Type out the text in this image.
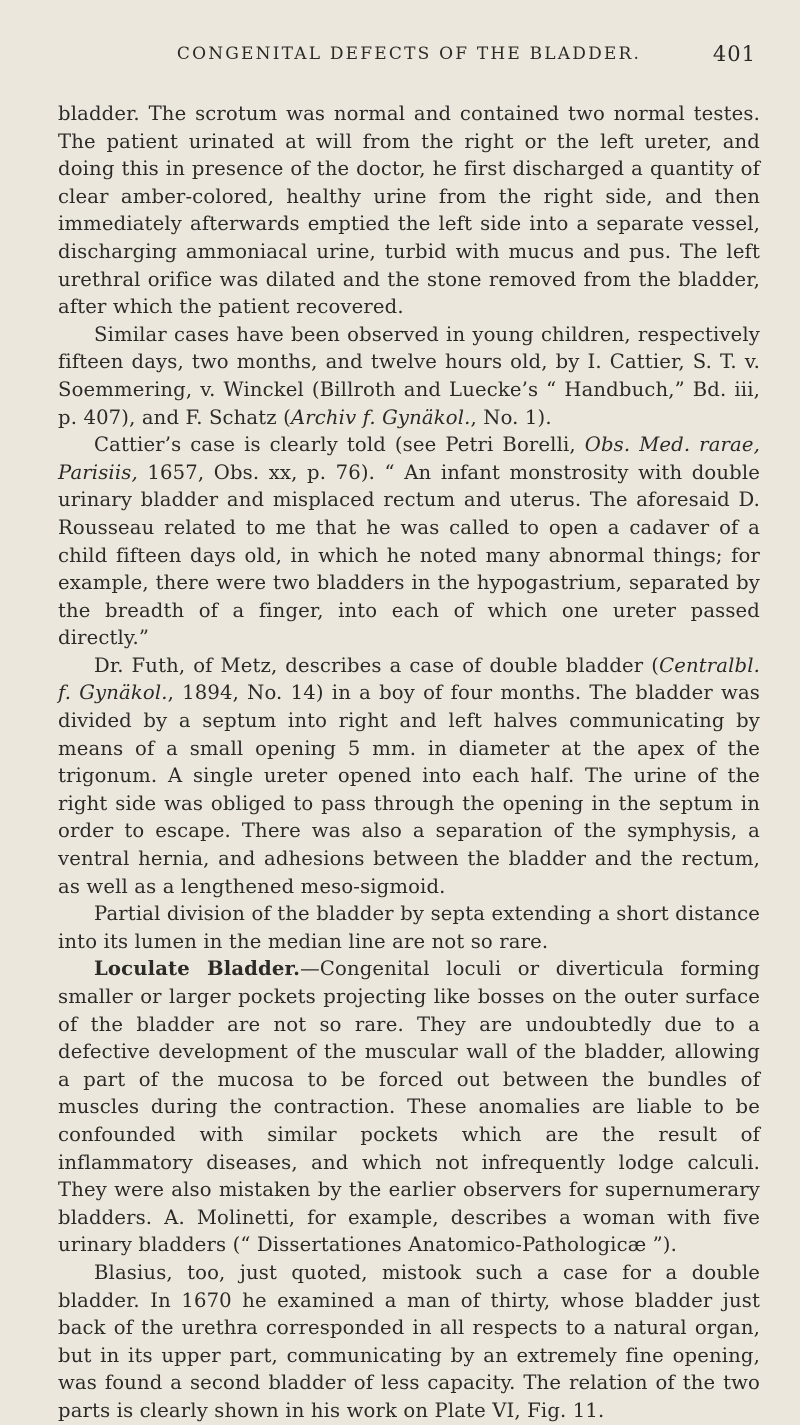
CONGENITAL DEFECTS OF THE BLADDER.	401

bladder. The scrotum was normal and contained two normal testes. The patient urinated at will from the right or the left ureter, and doing this in presence of the doctor, he first discharged a quantity of clear amber-colored, healthy urine from the right side, and then immediately afterwards emptied the left side into a separate vessel, discharging ammoniacal urine, turbid with mucus and pus. The left urethral orifice was dilated and the stone removed from the bladder, after which the patient recovered.

Similar cases have been observed in young children, respectively fifteen days, two months, and twelve hours old, by I. Cattier, S. T. v. Soemmering, v. Winckel (Billroth and Luecke’s “ Handbuch,” Bd. iii, p. 407), and F. Schatz (Archiv f. Gynäkol., No. 1).

Cattier’s case is clearly told (see Petri Borelli, Obs. Med. rarae, Parisiis, 1657, Obs. xx, p. 76). “ An infant monstrosity with double urinary bladder and misplaced rectum and uterus. The aforesaid D. Rousseau related to me that he was called to open a cadaver of a child fifteen days old, in which he noted many abnormal things; for example, there were two bladders in the hypogastrium, separated by the breadth of a finger, into each of which one ureter passed directly.”

Dr. Futh, of Metz, describes a case of double bladder (Centralbl. f. Gynäkol., 1894, No. 14) in a boy of four months. The bladder was divided by a septum into right and left halves communicating by means of a small opening 5 mm. in diameter at the apex of the trigonum. A single ureter opened into each half. The urine of the right side was obliged to pass through the opening in the septum in order to escape. There was also a separation of the symphysis, a ventral hernia, and adhesions between the bladder and the rectum, as well as a lengthened meso-sigmoid.

Partial division of the bladder by septa extending a short distance into its lumen in the median line are not so rare.

Loculate Bladder.—Congenital loculi or diverticula forming smaller or larger pockets projecting like bosses on the outer surface of the bladder are not so rare. They are undoubtedly due to a defective development of the muscular wall of the bladder, allowing a part of the mucosa to be forced out between the bundles of muscles during the contraction. These anomalies are liable to be confounded with similar pockets which are the result of inflammatory diseases, and which not infrequently lodge calculi. They were also mistaken by the earlier observers for supernumerary bladders. A. Molinetti, for example, describes a woman with five urinary bladders (“ Dissertationes Anatomico-Pathologicæ ”).

Blasius, too, just quoted, mistook such a case for a double bladder. In 1670 he examined a man of thirty, whose bladder just back of the urethra corresponded in all respects to a natural organ, but in its upper part, communicating by an extremely fine opening, was found a second bladder of less capacity. The relation of the two parts is clearly shown in his work on Plate VI, Fig. 11.
